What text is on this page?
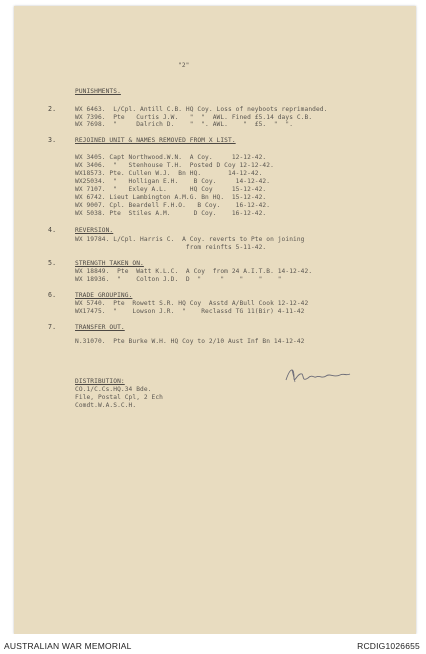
"2"
2.
PUNISHMENTS.
WX 6463.  L/Cpl. Antill C.B. HQ Coy. Loss of neyboots reprimanded.
WX 7396.  Pte   Curtis J.W.   "  "  AWL. Fined £5.14 days C.B.
WX 7698.  "     Dalrich D.    "  ". AWL.    "  £5.  "  ".
3.	REJOINED UNIT & NAMES REMOVED FROM X LIST.
WX 3405. Capt Northwood.W.N.  A Coy.     12-12-42.
WX 3406.  "   Stenhouse T.H.  Posted D Coy 12-12-42.
WX18573. Pte. Cullen W.J.  Bn HQ.       14-12-42.
WX25034.  "   Holligan E.H.    B Coy.     14-12-42.
WX 7107.  "   Exley A.L.      HQ Coy     15-12-42.
WX 6742. Lieut Lambington A.M.G. Bn HQ.  15-12-42.
WX 9007. Cpl. Beardell F.H.O.   B Coy.    16-12-42.
WX 5038. Pte  Stiles A.M.      D Coy.    16-12-42.
4.	REVERSION.
WX 19784. L/Cpl. Harris C.  A Coy. reverts to Pte on joining
from reinfts 5-11-42.
5.	STRENGTH TAKEN ON.
WX 18849.  Pte  Watt K.L.C.  A Coy  from 24 A.I.T.B. 14-12-42.
WX 18936.  "    Colton J.D.  D  "     "    "    "    "
6.	TRADE GROUPING.
WX 5740.  Pte  Rowett S.R. HQ Coy  Asstd A/Bull Cook 12-12-42
WX17475.  "    Lowson J.R.  "    Reclassd TG 11(Bir) 4-11-42
7.	TRANSFER OUT.
N.31070.  Pte Burke W.H. HQ Coy to 2/10 Aust Inf Bn 14-12-42
DISTRIBUTION:
CO.1/C.Cs.HQ.34 Bde.
File, Postal Cpl, 2 Ech
Comdt.W.A.S.C.H.
AUSTRALIAN WAR MEMORIAL	RCDIG1026655
